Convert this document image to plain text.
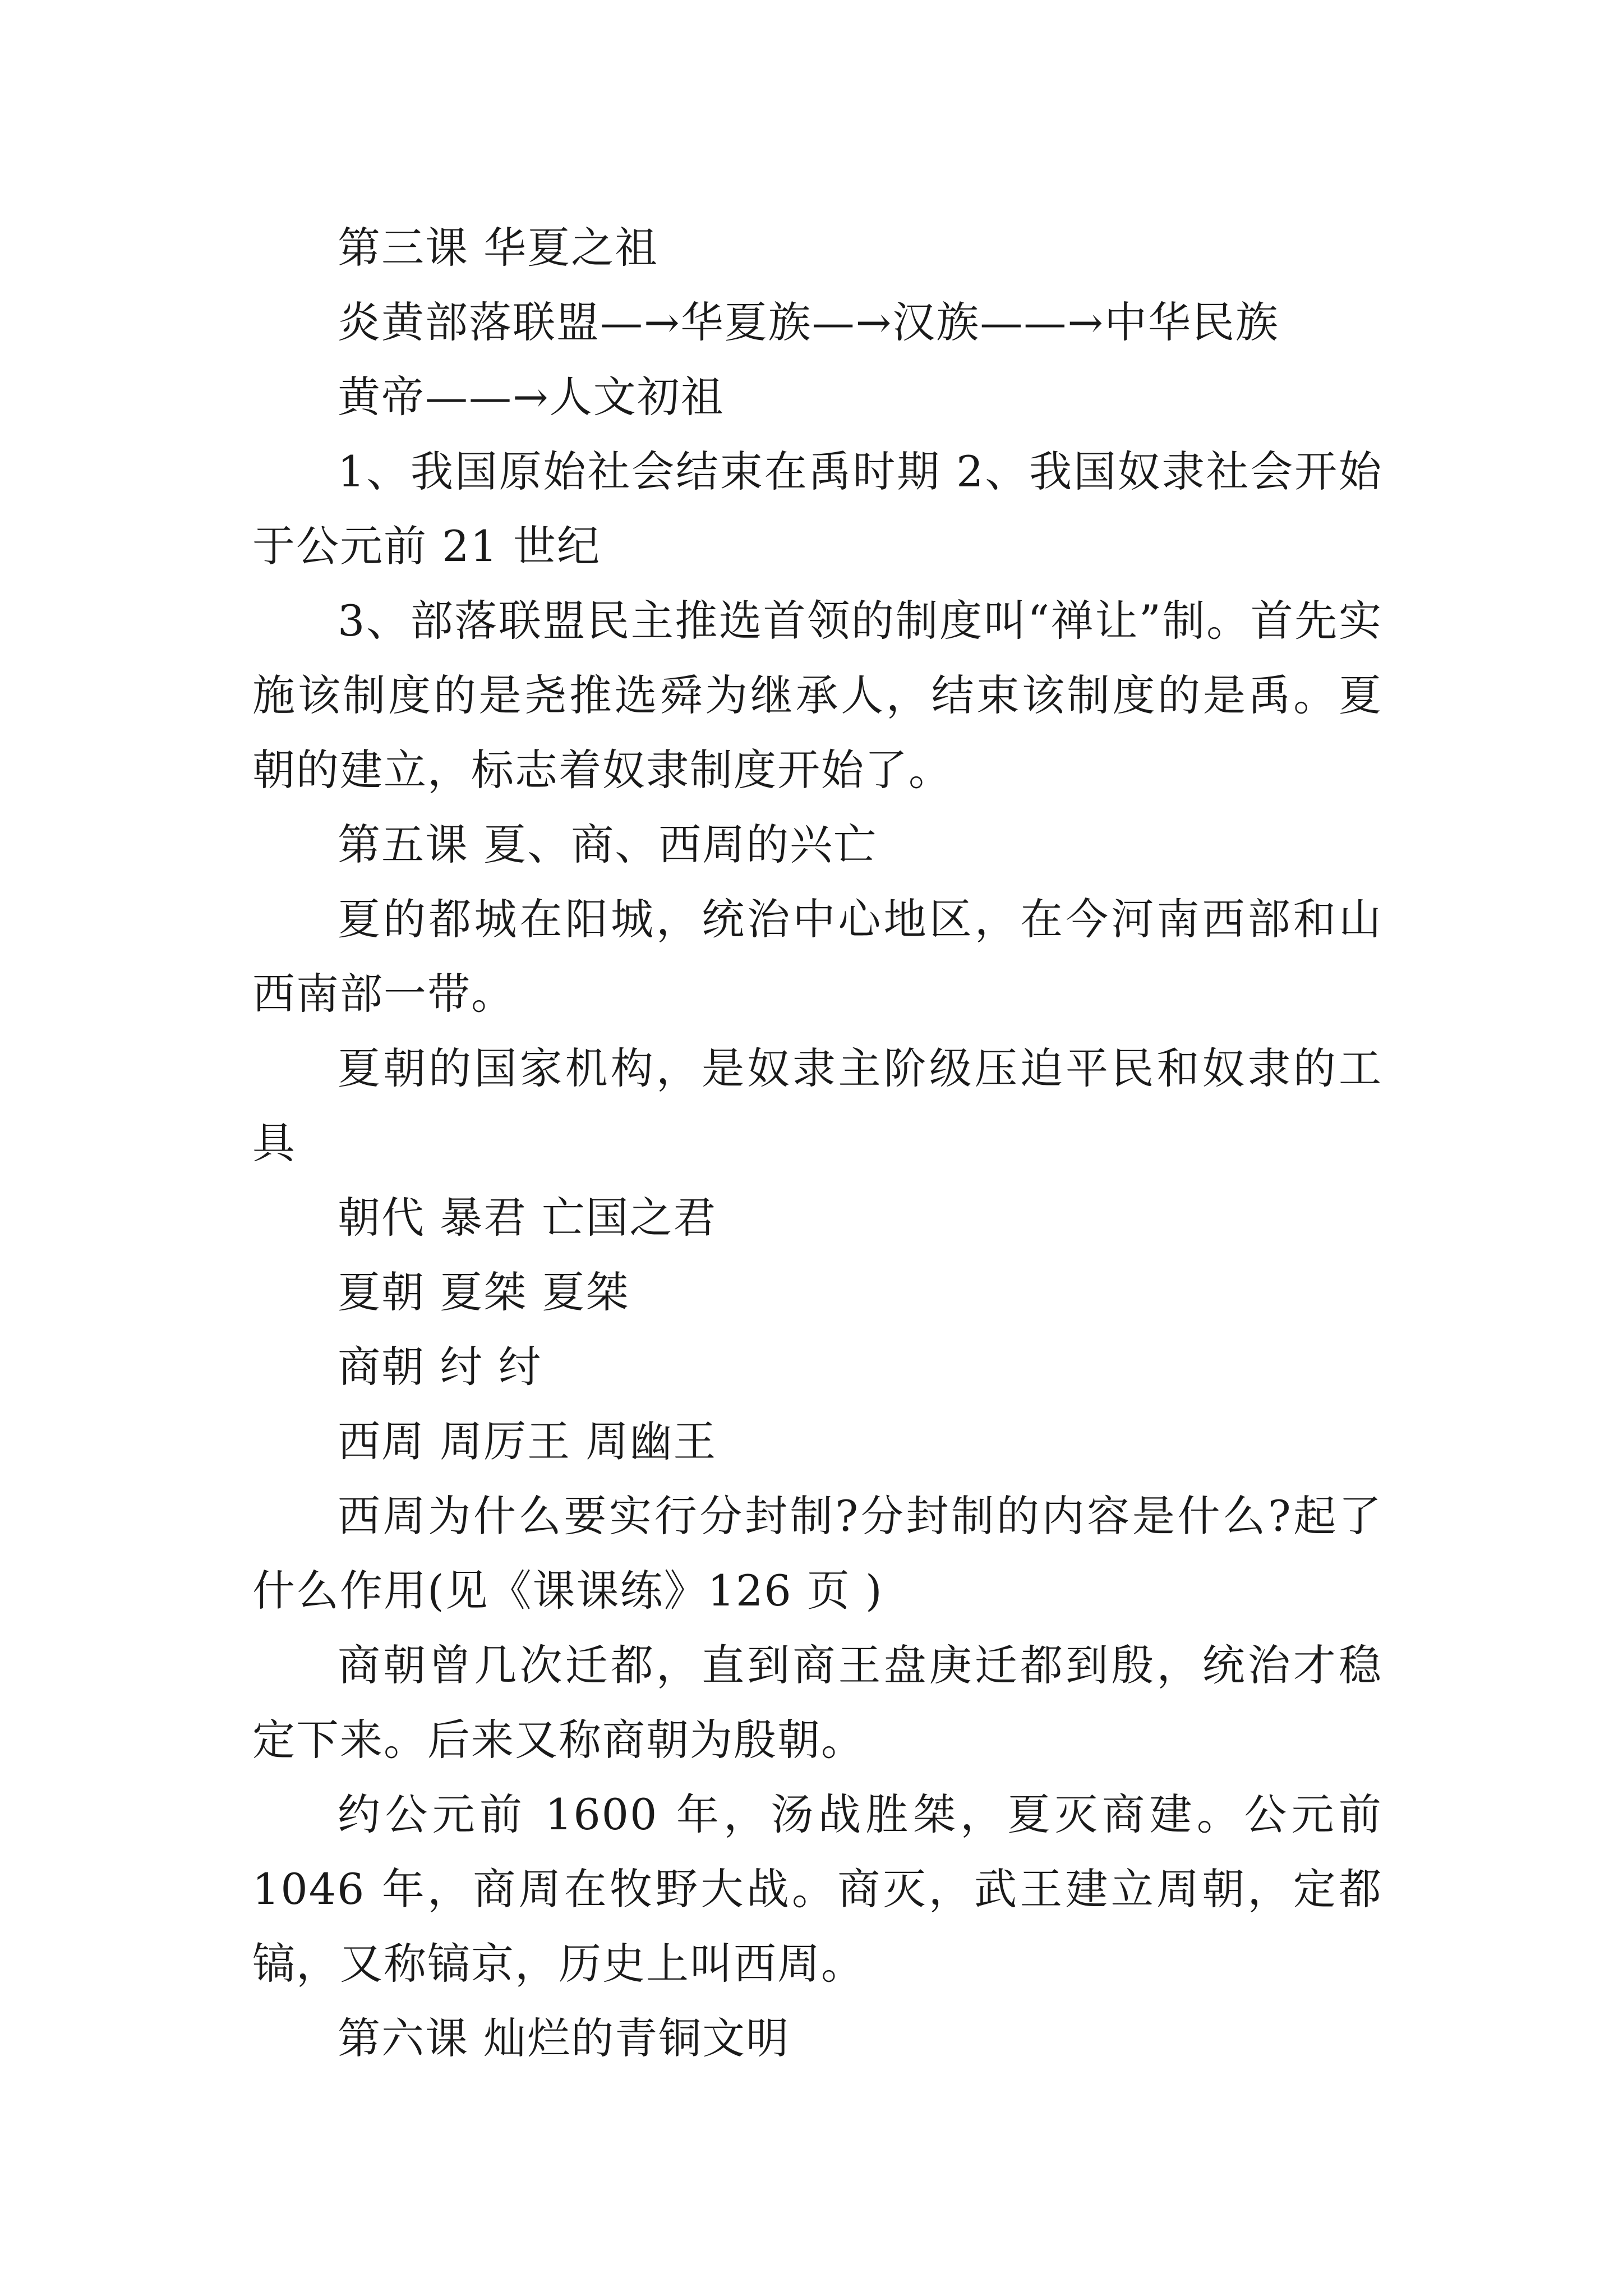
第三课 华夏之祖

炎黄部落联盟—→华夏族—→汉族——→中华民族

黄帝——→人文初祖

1、我国原始社会结束在禹时期 2、我国奴隶社会开始于公元前 21 世纪

3、部落联盟民主推选首领的制度叫“禅让”制。首先实施该制度的是尧推选舜为继承人，结束该制度的是禹。夏朝的建立，标志着奴隶制度开始了。

第五课 夏、商、西周的兴亡

夏的都城在阳城，统治中心地区，在今河南西部和山西南部一带。

夏朝的国家机构，是奴隶主阶级压迫平民和奴隶的工具

朝代 暴君 亡国之君

夏朝 夏桀 夏桀

商朝 纣 纣

西周 周厉王 周幽王

西周为什么要实行分封制?分封制的内容是什么?起了什么作用(见《课课练》126 页 )

商朝曾几次迁都，直到商王盘庚迁都到殷，统治才稳定下来。后来又称商朝为殷朝。

约公元前 1600 年，汤战胜桀，夏灭商建。公元前 1046 年，商周在牧野大战。商灭，武王建立周朝，定都镐，又称镐京，历史上叫西周。

第六课 灿烂的青铜文明
